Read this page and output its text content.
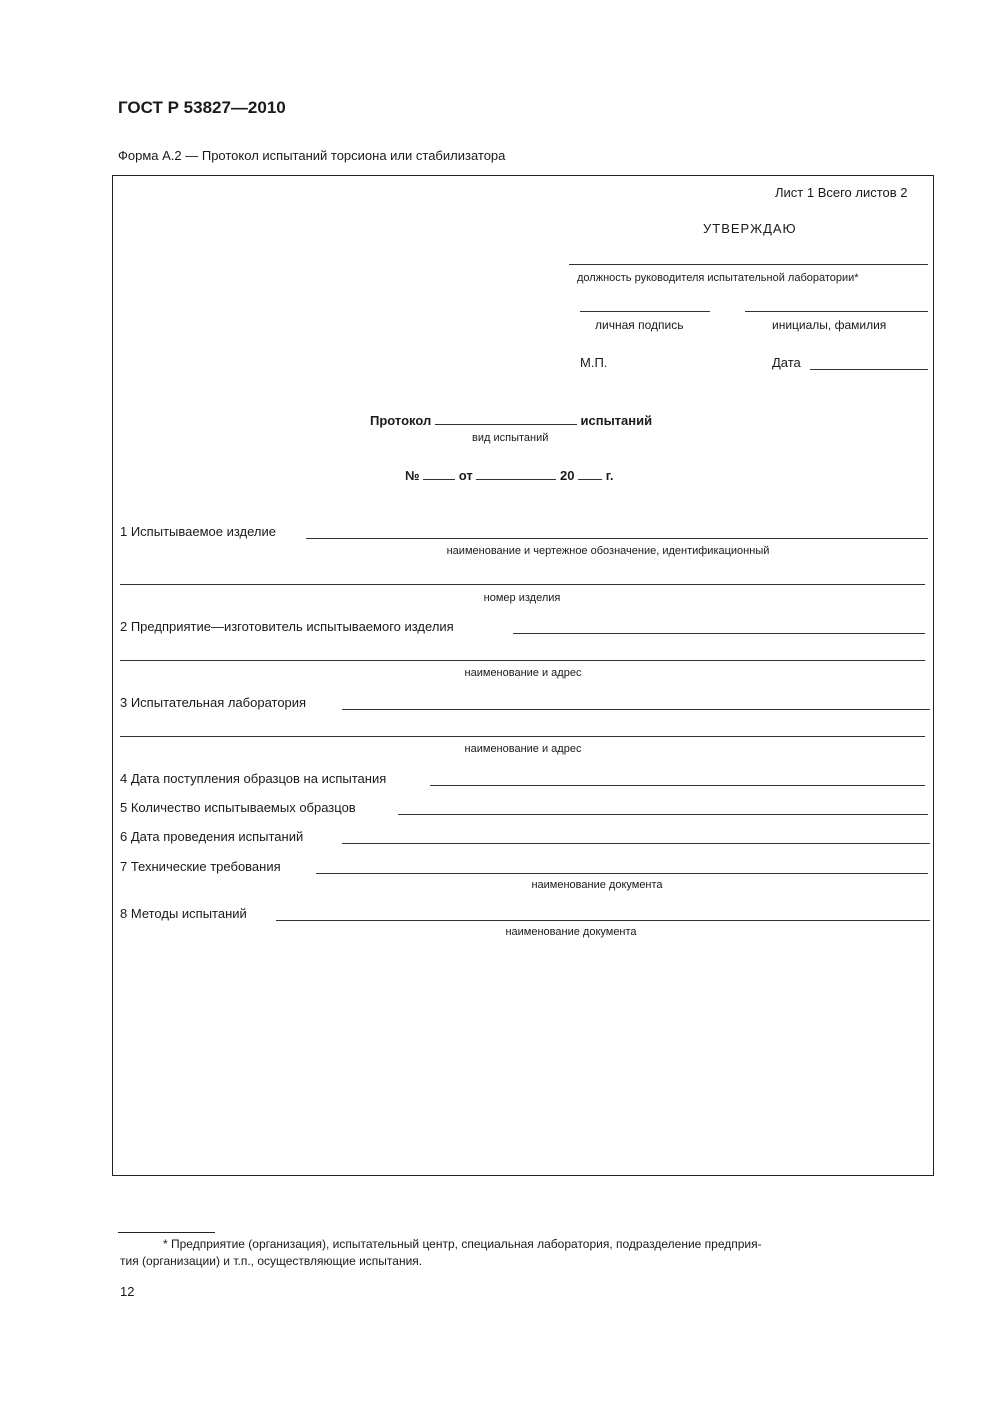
ГОСТ Р 53827—2010
Форма А.2 — Протокол испытаний торсиона или стабилизатора
Лист 1 Всего листов 2
УТВЕРЖДАЮ
должность руководителя испытательной лаборатории*
личная подпись	инициалы, фамилия
М.П.	Дата
Протокол	испытаний
вид испытаний
№	от	20 г.
1 Испытываемое изделие
наименование и чертежное обозначение, идентификационный
номер изделия
2 Предприятие—изготовитель испытываемого изделия
наименование и адрес
3 Испытательная лаборатория
наименование и адрес
4 Дата поступления образцов на испытания
5 Количество испытываемых образцов
6 Дата проведения испытаний
7 Технические требования
наименование документа
8 Методы испытаний
наименование документа
* Предприятие (организация), испытательный центр, специальная лаборатория, подразделение предприя-
тия (организации) и т.п., осуществляющие испытания.
12
